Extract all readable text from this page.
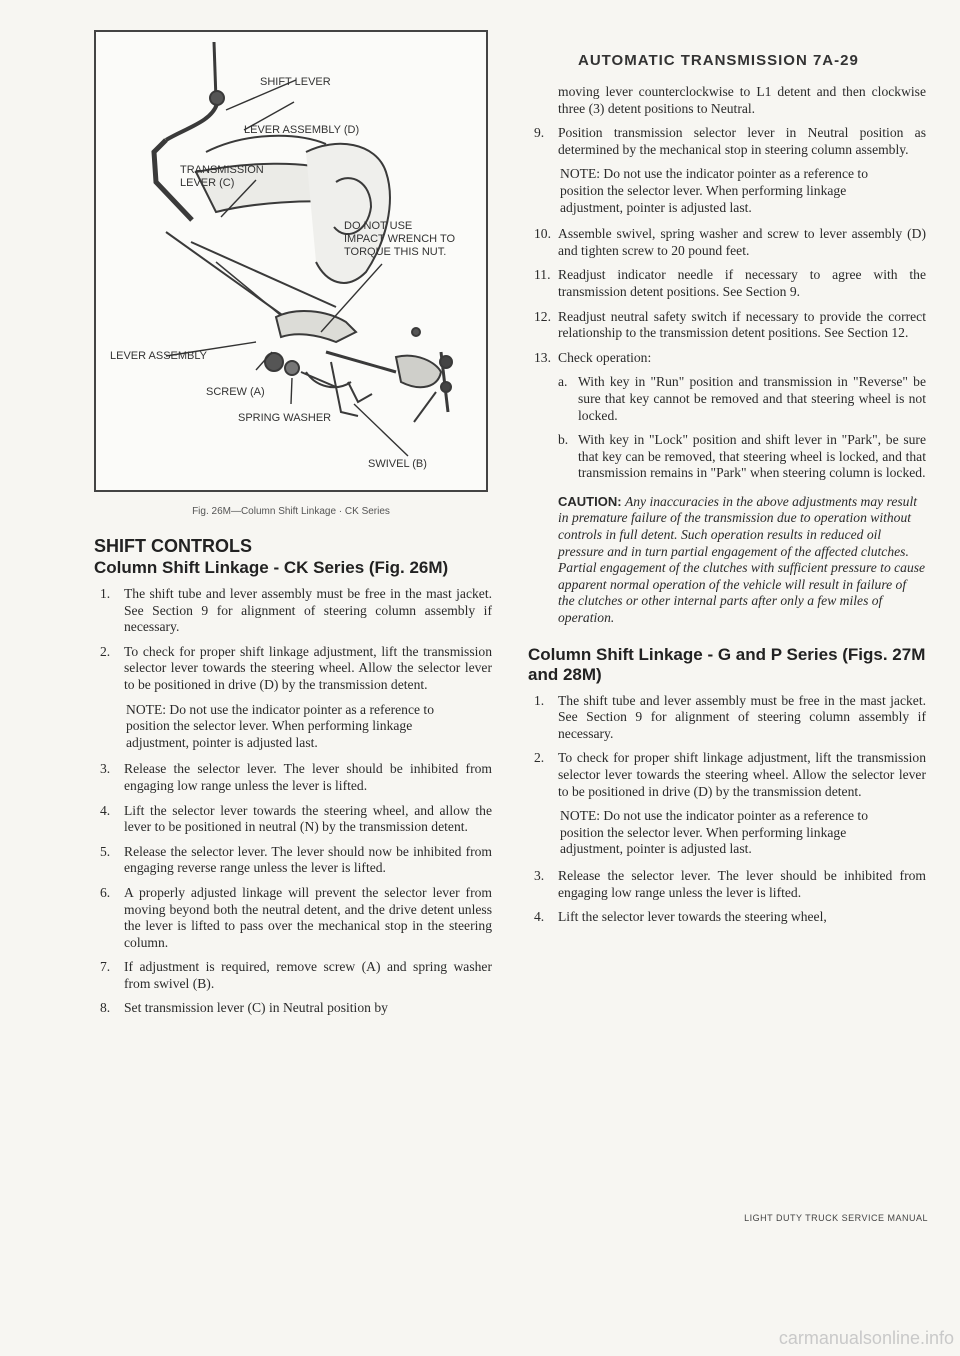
AUTOMATIC TRANSMISSION 7A-29
SHIFT LEVER
LEVER ASSEMBLY (D)
TRANSMISSION
LEVER (C)
DO NOT USE
IMPACT WRENCH TO
TORQUE THIS NUT.
LEVER ASSEMBLY
SCREW (A)
SPRING WASHER
SWIVEL (B)
Fig. 26M—Column Shift Linkage · CK Series
SHIFT CONTROLS
Column Shift Linkage - CK Series (Fig. 26M)
1. The shift tube and lever assembly must be free in the mast jacket. See Section 9 for alignment of steering column assembly if necessary.
2. To check for proper shift linkage adjustment, lift the transmission selector lever towards the steering wheel. Allow the selector lever to be positioned in drive (D) by the transmission detent.
NOTE: Do not use the indicator pointer as a reference to position the selector lever. When performing linkage adjustment, pointer is adjusted last.
3. Release the selector lever. The lever should be inhibited from engaging low range unless the lever is lifted.
4. Lift the selector lever towards the steering wheel, and allow the lever to be positioned in neutral (N) by the transmission detent.
5. Release the selector lever. The lever should now be inhibited from engaging reverse range unless the lever is lifted.
6. A properly adjusted linkage will prevent the selector lever from moving beyond both the neutral detent, and the drive detent unless the lever is lifted to pass over the mechanical stop in the steering column.
7. If adjustment is required, remove screw (A) and spring washer from swivel (B).
8. Set transmission lever (C) in Neutral position by
moving lever counterclockwise to L1 detent and then clockwise three (3) detent positions to Neutral.
9. Position transmission selector lever in Neutral position as determined by the mechanical stop in steering column assembly.
NOTE: Do not use the indicator pointer as a reference to position the selector lever. When performing linkage adjustment, pointer is adjusted last.
10. Assemble swivel, spring washer and screw to lever assembly (D) and tighten screw to 20 pound feet.
11. Readjust indicator needle if necessary to agree with the transmission detent positions. See Section 9.
12. Readjust neutral safety switch if necessary to provide the correct relationship to the transmission detent positions. See Section 12.
13. Check operation:
a. With key in "Run" position and transmission in "Reverse" be sure that key cannot be removed and that steering wheel is not locked.
b. With key in "Lock" position and shift lever in "Park", be sure that key can be removed, that steering wheel is locked, and that transmission remains in "Park" when steering column is locked.
CAUTION: Any inaccuracies in the above adjustments may result in premature failure of the transmission due to operation without controls in full detent. Such operation results in reduced oil pressure and in turn partial engagement of the affected clutches. Partial engagement of the clutches with sufficient pressure to cause apparent normal operation of the vehicle will result in failure of the clutches or other internal parts after only a few miles of operation.
Column Shift Linkage - G and P Series (Figs. 27M and 28M)
1. The shift tube and lever assembly must be free in the mast jacket. See Section 9 for alignment of steering column assembly if necessary.
2. To check for proper shift linkage adjustment, lift the transmission selector lever towards the steering wheel. Allow the selector lever to be positioned in drive (D) by the transmission detent.
NOTE: Do not use the indicator pointer as a reference to position the selector lever. When performing linkage adjustment, pointer is adjusted last.
3. Release the selector lever. The lever should be inhibited from engaging low range unless the lever is lifted.
4. Lift the selector lever towards the steering wheel,
LIGHT DUTY TRUCK SERVICE MANUAL
carmanualsonline.info
